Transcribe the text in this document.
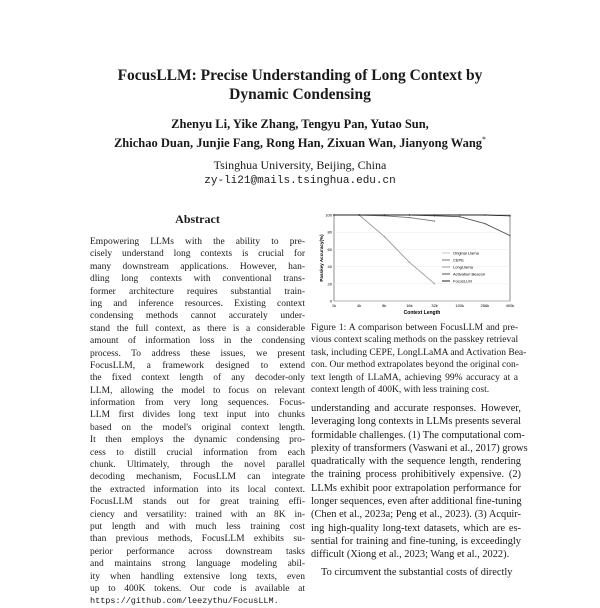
FocusLLM: Precise Understanding of Long Context by
Dynamic Condensing
Zhenyu Li, Yike Zhang, Tengyu Pan, Yutao Sun,
Zhichao Duan, Junjie Fang, Rong Han, Zixuan Wan, Jianyong Wang*
Tsinghua University, Beijing, China
zy-li21@mails.tsinghua.edu.cn
Abstract
Empowering LLMs with the ability to pre-
cisely understand long contexts is crucial for
many downstream applications. However, han-
dling long contexts with conventional trans-
former architecture requires substantial train-
ing and inference resources. Existing context
condensing methods cannot accurately under-
stand the full context, as there is a considerable
amount of information loss in the condensing
process. To address these issues, we present
FocusLLM, a framework designed to extend
the fixed context length of any decoder-only
LLM, allowing the model to focus on relevant
information from very long sequences. Focus-
LLM first divides long text input into chunks
based on the model's original context length.
It then employs the dynamic condensing pro-
cess to distill crucial information from each
chunk. Ultimately, through the novel parallel
decoding mechanism, FocusLLM can integrate
the extracted information into its local context.
FocusLLM stands out for great training effi-
ciency and versatility: trained with an 8K in-
put length and with much less training cost
than previous methods, FocusLLM exhibits su-
perior performance across downstream tasks
and maintains strong language modeling abil-
ity when handling extensive long texts, even
up to 400K tokens. Our code is available at
https://github.com/leezythu/FocusLLM.
0
20
40
60
80
100
1k	4k	8k	16k	32k	100k	256k	400k
Context Length
Passkey Accuracy(%)	Original Llama
CEPE
LongLlama
Activation Beacon
FocusLLM
Figure 1: A comparison between FocusLLM and pre-
vious context scaling methods on the passkey retrieval
task, including CEPE, LongLLaMA and Activation Bea-
con. Our method extrapolates beyond the original con-
text length of LLaMA, achieving 99% accuracy at a
context length of 400K, with less training cost.
understanding and accurate responses. However,
leveraging long contexts in LLMs presents several
formidable challenges. (1) The computational com-
plexity of transformers (Vaswani et al., 2017) grows
quadratically with the sequence length, rendering
the training process prohibitively expensive. (2)
LLMs exhibit poor extrapolation performance for
longer sequences, even after additional fine-tuning
(Chen et al., 2023a; Peng et al., 2023). (3) Acquir-
ing high-quality long-text datasets, which are es-
sential for training and fine-tuning, is exceedingly
difficult (Xiong et al., 2023; Wang et al., 2022).
To circumvent the substantial costs of directly
